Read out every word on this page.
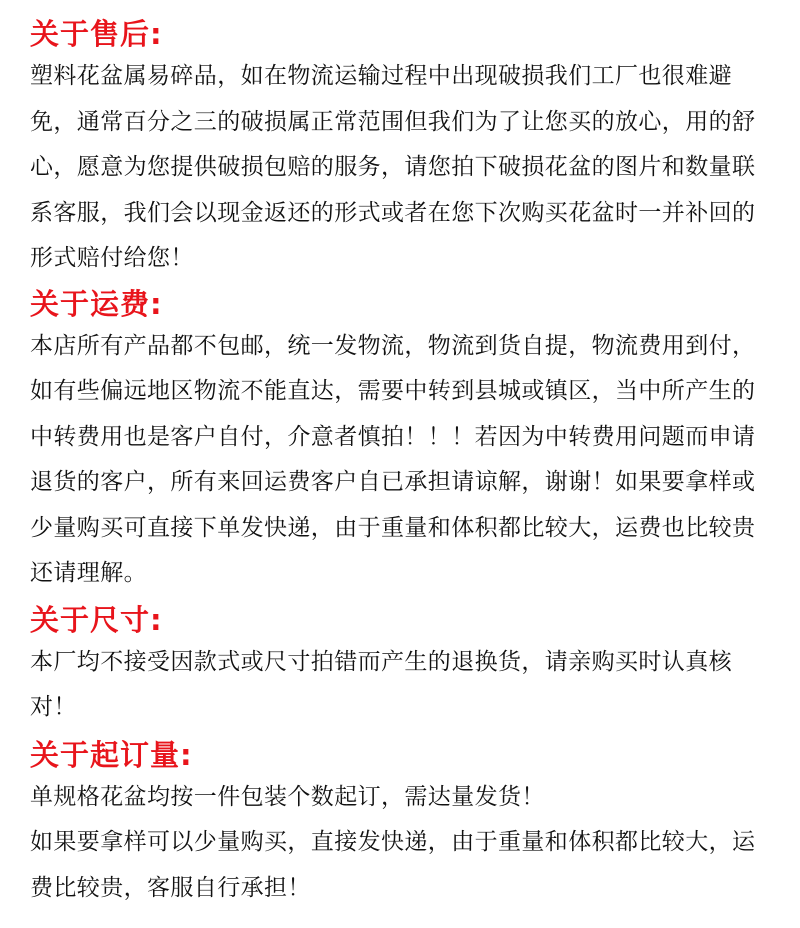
关于售后:

塑料花盆属易碎品，如在物流运输过程中出现破损我们工厂也很难避免，通常百分之三的破损属正常范围但我们为了让您买的放心，用的舒心，愿意为您提供破损包赔的服务，请您拍下破损花盆的图片和数量联系客服，我们会以现金返还的形式或者在您下次购买花盆时一并补回的形式赔付给您！

关于运费:

本店所有产品都不包邮，统一发物流，物流到货自提，物流费用到付，如有些偏远地区物流不能直达，需要中转到县城或镇区，当中所产生的中转费用也是客户自付，介意者慎拍！！！若因为中转费用问题而申请退货的客户，所有来回运费客户自已承担请谅解，谢谢！如果要拿样或少量购买可直接下单发快递，由于重量和体积都比较大，运费也比较贵还请理解。

关于尺寸:

本厂均不接受因款式或尺寸拍错而产生的退换货，请亲购买时认真核对！

关于起订量:

单规格花盆均按一件包装个数起订，需达量发货！
如果要拿样可以少量购买，直接发快递，由于重量和体积都比较大，运费比较贵，客服自行承担！
